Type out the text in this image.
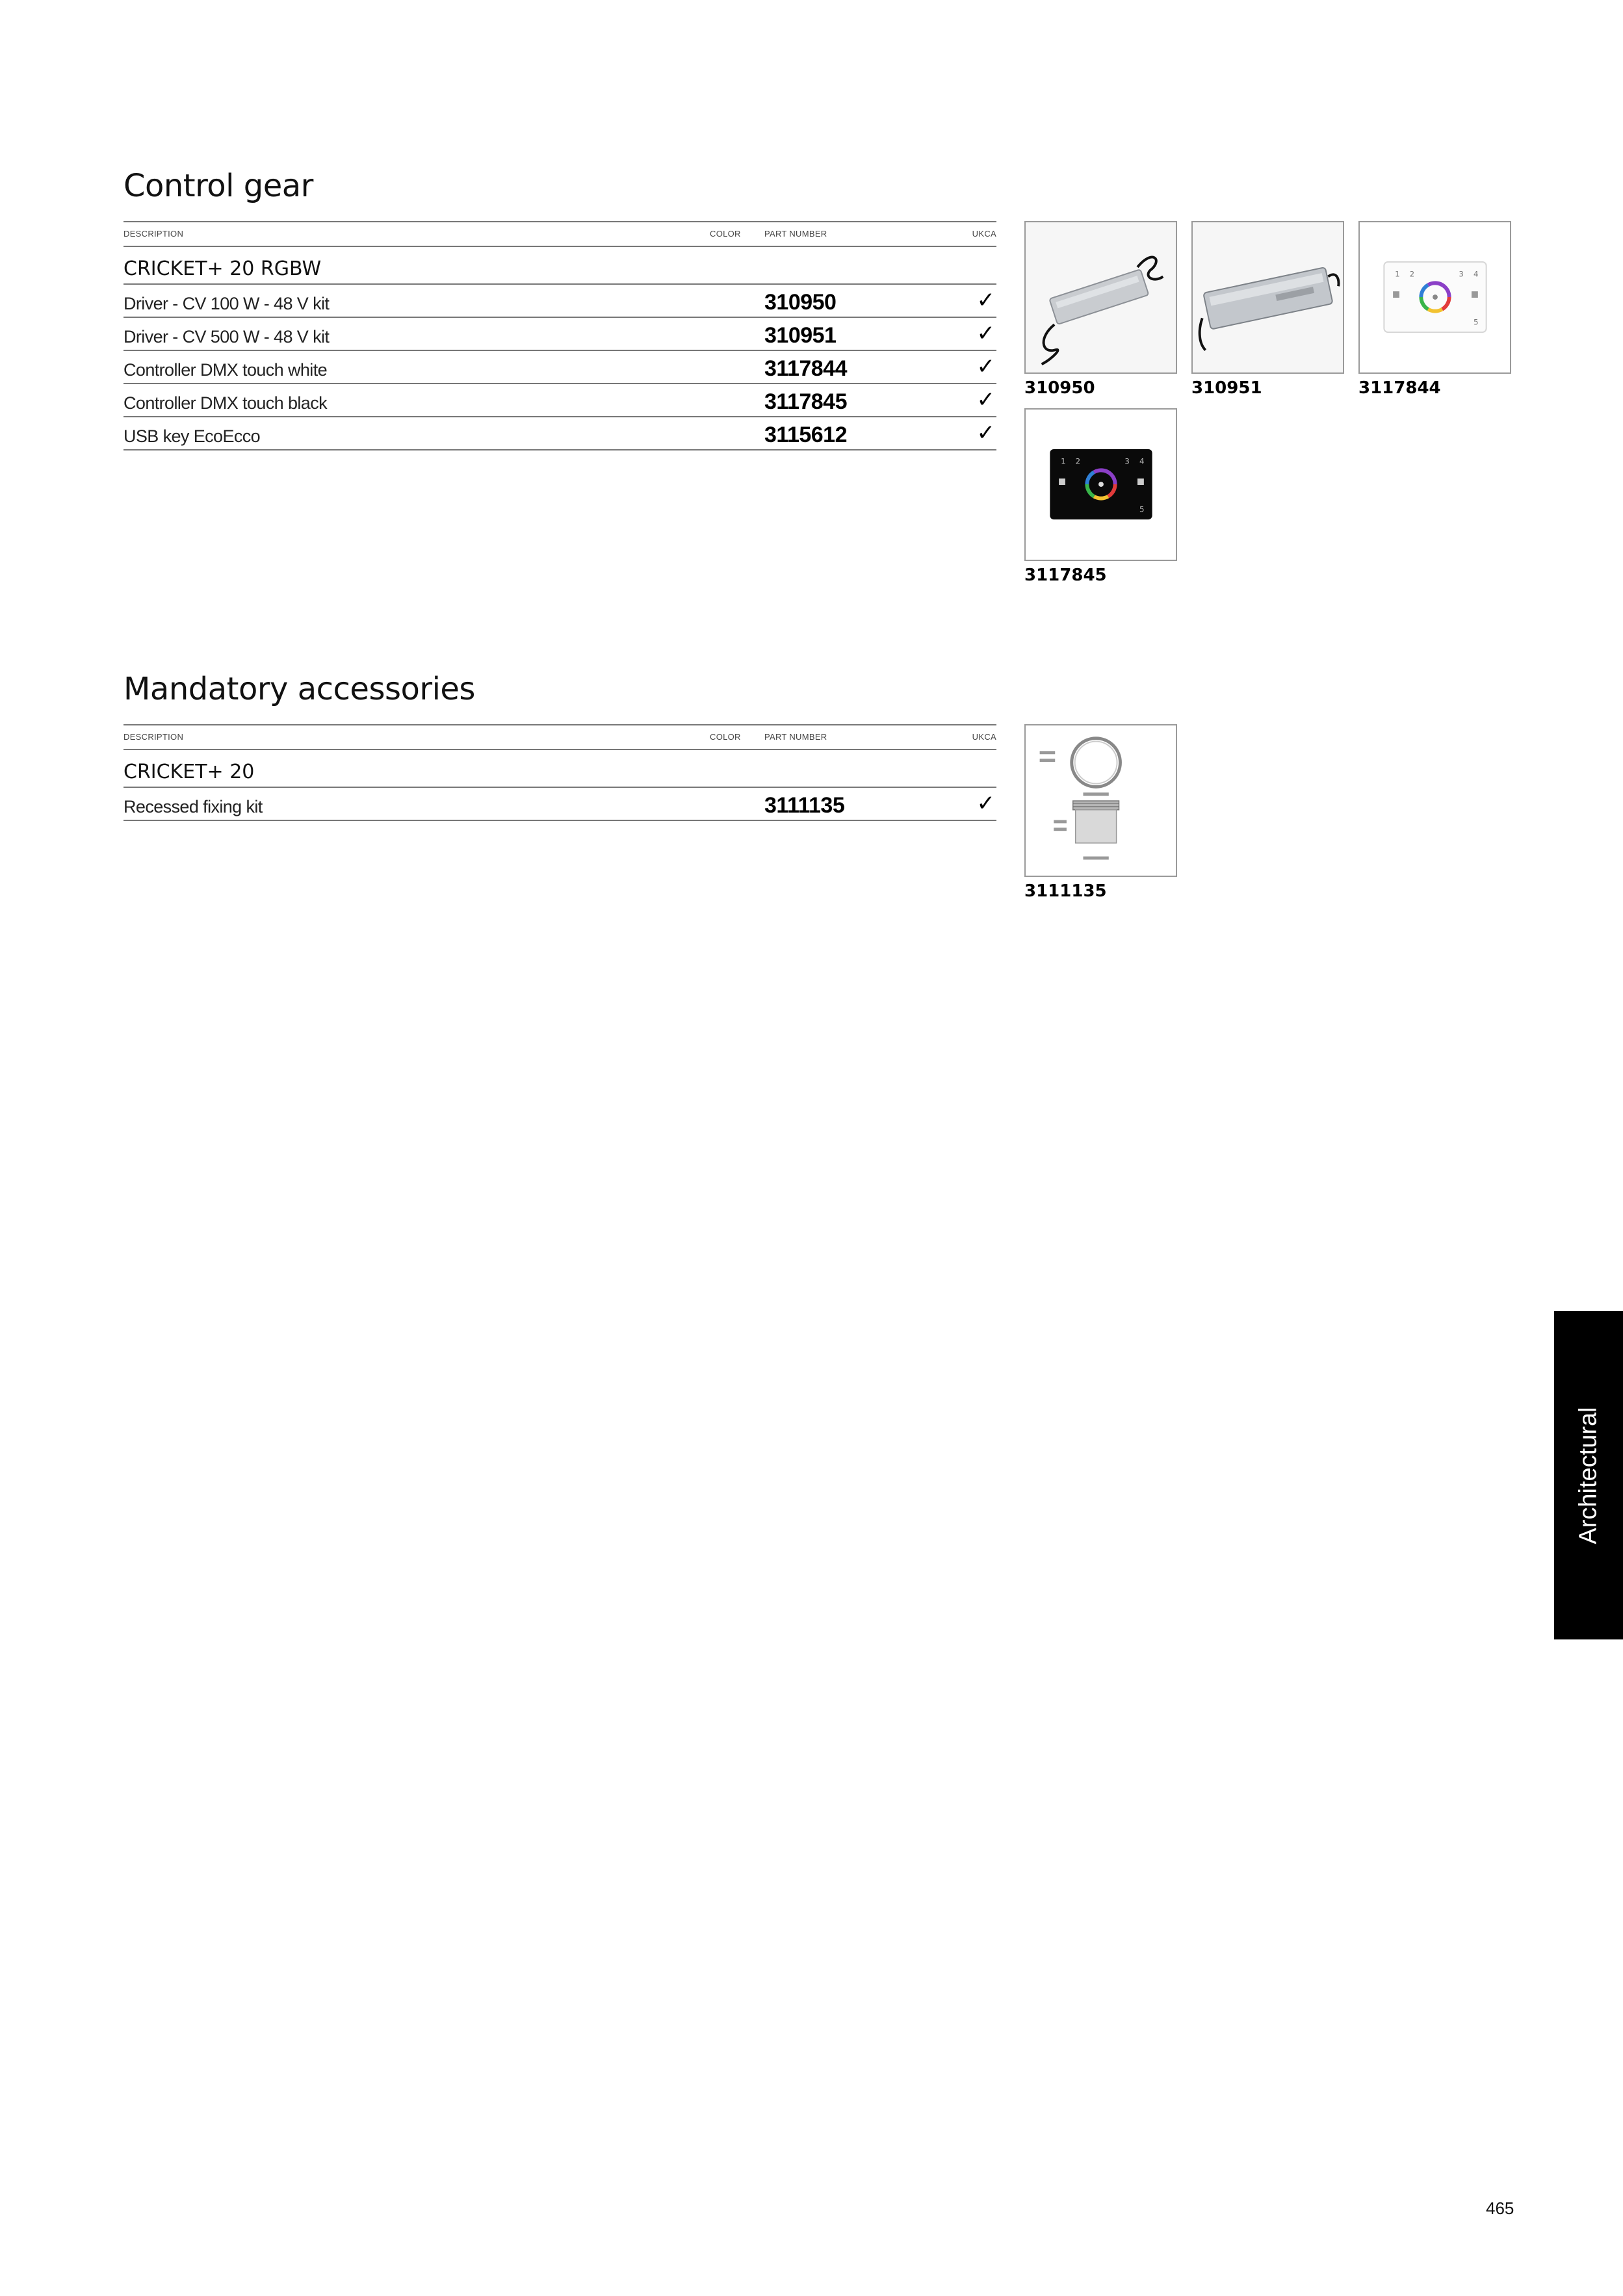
Control gear
DESCRIPTION	COLOR	PART NUMBER	UKCA
CRICKET+ 20 RGBW
Driver - CV 100 W - 48 V kit	310950	✓
Driver - CV 500 W - 48 V kit	310951	✓
Controller DMX touch white	3117844	✓
Controller DMX touch black	3117845	✓
USB key EcoEcco	3115612	✓
310950	310951
1 2	3 4
5
3117844
1 2	3 4
5
3117845
Mandatory accessories
DESCRIPTION	COLOR	PART NUMBER	UKCA
CRICKET+ 20
Recessed fixing kit	3111135	✓
3111135
Architectural
465
